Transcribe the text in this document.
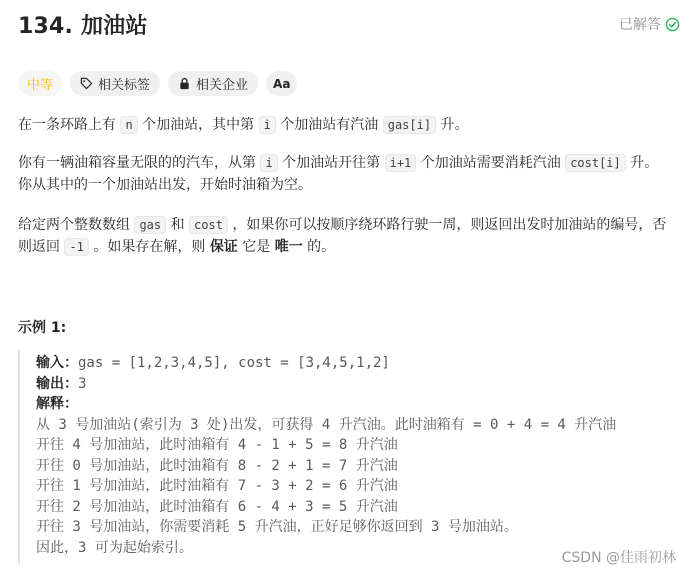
134. 加油站	已解答
中等	相关标签	相关企业 Aa
在一条环路上有 n 个加油站，其中第 i 个加油站有汽油 gas[i] 升。
你有一辆油箱容量无限的的汽车，从第 i 个加油站开往第 i+1 个加油站需要消耗汽油 cost[i] 升。
你从其中的一个加油站出发，开始时油箱为空。
给定两个整数数组 gas 和 cost ，如果你可以按顺序绕环路行驶一周，则返回出发时加油站的编号，否则返回 -1 。如果存在解，则 保证 它是 唯一 的。
示例 1:
输入：gas = [1,2,3,4,5], cost = [3,4,5,1,2]
输出：3
解释：
从 3 号加油站(索引为 3 处)出发，可获得 4 升汽油。此时油箱有 = 0 + 4 = 4 升汽油
开往 4 号加油站，此时油箱有 4 - 1 + 5 = 8 升汽油
开往 0 号加油站，此时油箱有 8 - 2 + 1 = 7 升汽油
开往 1 号加油站，此时油箱有 7 - 3 + 2 = 6 升汽油
开往 2 号加油站，此时油箱有 6 - 4 + 3 = 5 升汽油
开往 3 号加油站，你需要消耗 5 升汽油，正好足够你返回到 3 号加油站。
因此，3 可为起始索引。
CSDN @佳雨初林
